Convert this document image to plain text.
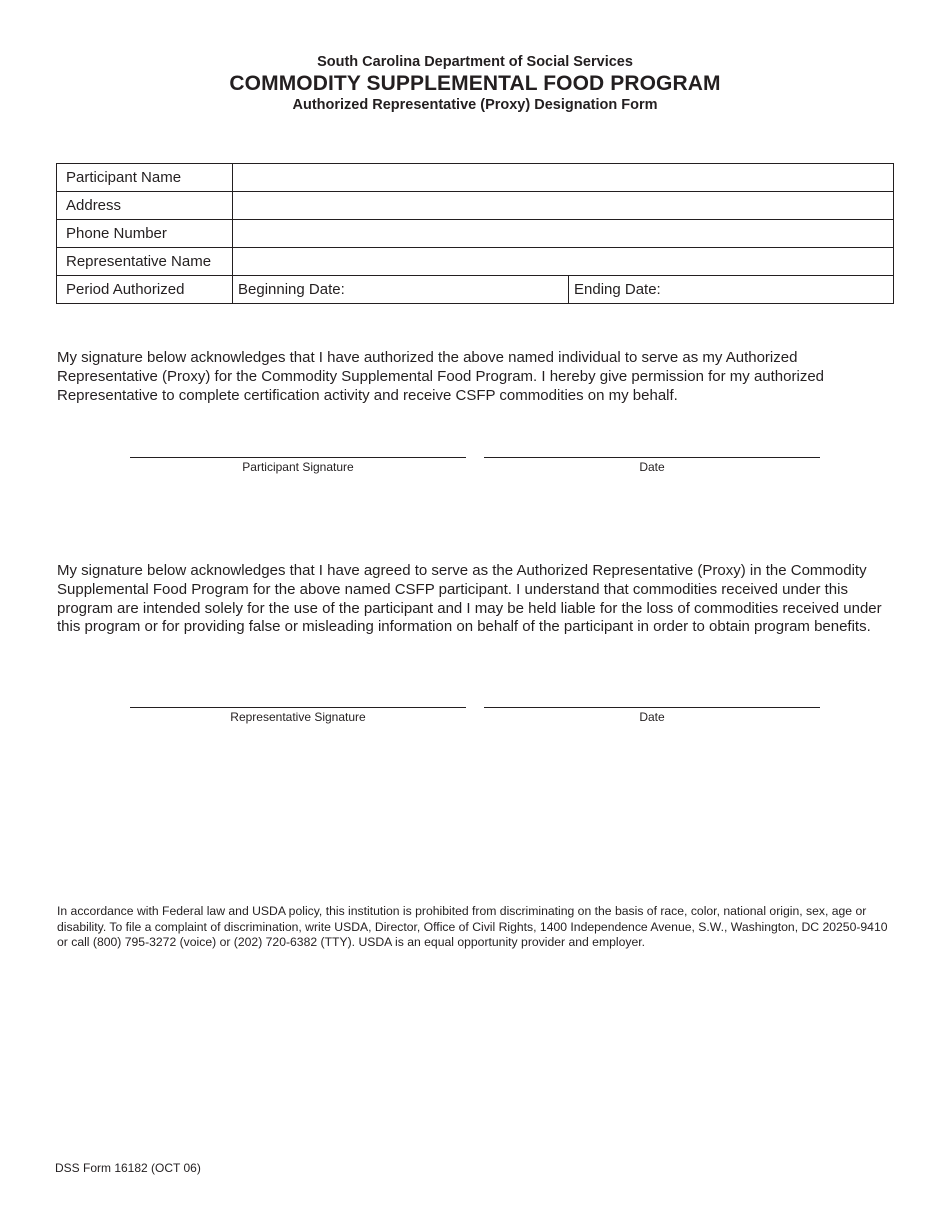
South Carolina Department of Social Services
COMMODITY SUPPLEMENTAL FOOD PROGRAM
Authorized Representative (Proxy) Designation Form
Participant Name		
Address		
Phone Number		
Representative Name		
Period Authorized	Beginning Date:	Ending Date:

My signature below acknowledges that I have authorized the above named individual to serve as my Authorized Representative (Proxy) for the Commodity Supplemental Food Program. I hereby give permission for my authorized Representative to complete certification activity and receive CSFP commodities on my behalf.

Participant Signature	Date

My signature below acknowledges that I have agreed to serve as the Authorized Representative (Proxy) in the Commodity Supplemental Food Program for the above named CSFP participant. I understand that commodities received under this program are intended solely for the use of the participant and I may be held liable for the loss of commodities received under this program or for providing false or misleading information on behalf of the participant in order to obtain program benefits.

Representative Signature	Date

In accordance with Federal law and USDA policy, this institution is prohibited from discriminating on the basis of race, color, national origin, sex, age or disability. To file a complaint of discrimination, write USDA, Director, Office of Civil Rights, 1400 Independence Avenue, S.W., Washington, DC 20250-9410 or call (800) 795-3272 (voice) or (202) 720-6382 (TTY). USDA is an equal opportunity provider and employer.

DSS Form 16182 (OCT 06)
